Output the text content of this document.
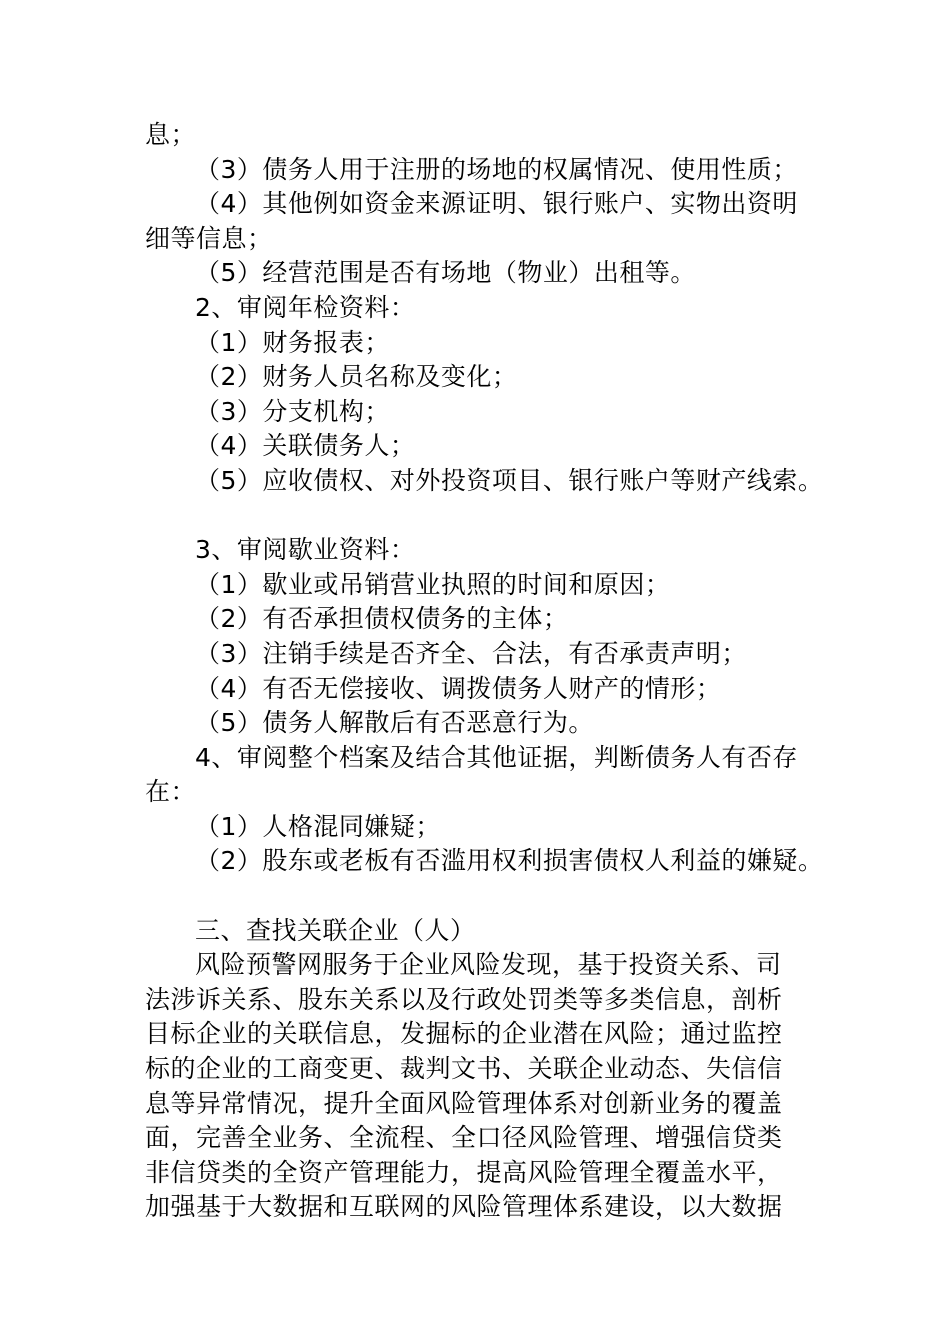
息；
（3）债务人用于注册的场地的权属情况、使用性质；
（4）其他例如资金来源证明、银行账户、实物出资明
细等信息；
（5）经营范围是否有场地（物业）出租等。
2、审阅年检资料：
（1）财务报表；
（2）财务人员名称及变化；
（3）分支机构；
（4）关联债务人；
（5）应收债权、对外投资项目、银行账户等财产线索。
3、审阅歇业资料：
（1）歇业或吊销营业执照的时间和原因；
（2）有否承担债权债务的主体；
（3）注销手续是否齐全、合法，有否承责声明；
（4）有否无偿接收、调拨债务人财产的情形；
（5）债务人解散后有否恶意行为。
4、审阅整个档案及结合其他证据，判断债务人有否存
在：
（1）人格混同嫌疑；
（2）股东或老板有否滥用权利损害债权人利益的嫌疑。
三、查找关联企业（人）
风险预警网服务于企业风险发现，基于投资关系、司
法涉诉关系、股东关系以及行政处罚类等多类信息，剖析
目标企业的关联信息，发掘标的企业潜在风险；通过监控
标的企业的工商变更、裁判文书、关联企业动态、失信信
息等异常情况，提升全面风险管理体系对创新业务的覆盖
面，完善全业务、全流程、全口径风险管理、增强信贷类
非信贷类的全资产管理能力，提高风险管理全覆盖水平，
加强基于大数据和互联网的风险管理体系建设，以大数据
